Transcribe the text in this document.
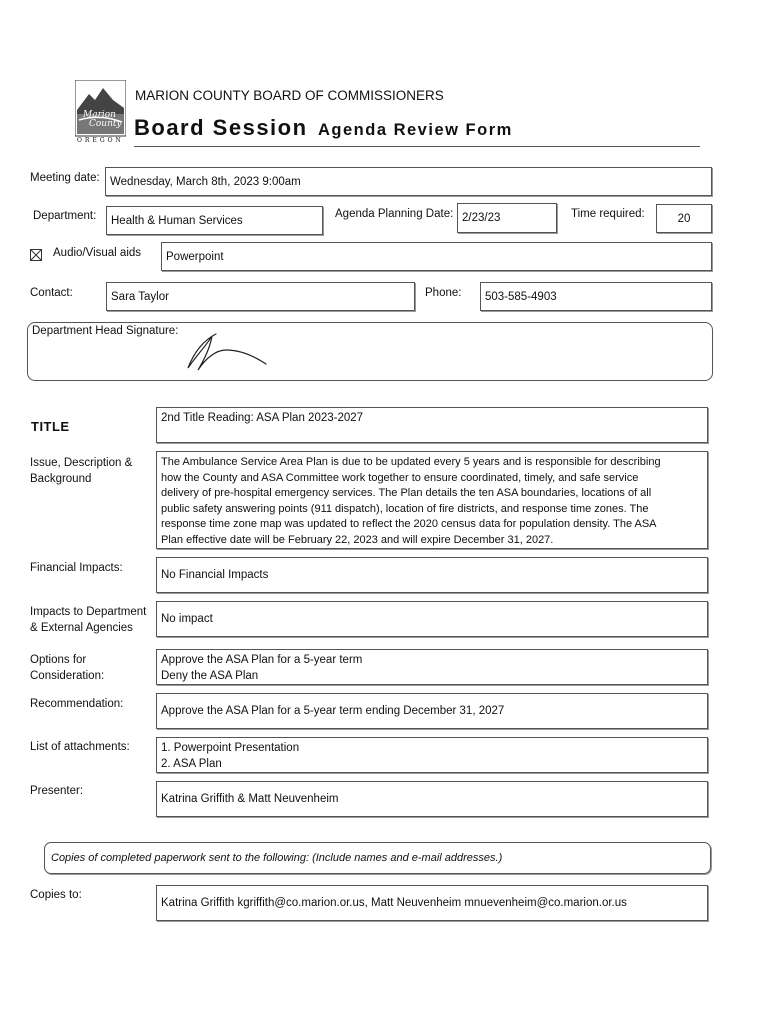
Marion
County
OREGON
MARION COUNTY BOARD OF COMMISSIONERS
Board Session Agenda Review Form
Meeting date: Wednesday, March 8th, 2023 9:00am
Department:	Health & Human Services
Agenda Planning Date: 2/23/23	Time required:	20
Audio/Visual aids	Powerpoint
Contact:	Sara Taylor	Phone:	503-585-4903
Department Head Signature:
TITLE
2nd Title Reading: ASA Plan 2023-2027
Issue, Description &
Background
The Ambulance Service Area Plan is due to be updated every 5 years and is responsible for describing
how the County and ASA Committee work together to ensure coordinated, timely, and safe service
delivery of pre-hospital emergency services. The Plan details the ten ASA boundaries, locations of all
public safety answering points (911 dispatch), location of fire districts, and response time zones. The
response time zone map was updated to reflect the 2020 census data for population density. The ASA
Plan effective date will be February 22, 2023 and will expire December 31, 2027.
Financial Impacts:
No Financial Impacts
Impacts to Department
& External Agencies
No impact
Options for
Consideration:
Approve the ASA Plan for a 5-year term
Deny the ASA Plan
Recommendation:
Approve the ASA Plan for a 5-year term ending December 31, 2027
List of attachments:	1. Powerpoint Presentation
2. ASA Plan
Presenter:
Katrina Griffith & Matt Neuvenheim
Copies of completed paperwork sent to the following: (Include names and e-mail addresses.)
Copies to:
Katrina Griffith kgriffith@co.marion.or.us, Matt Neuvenheim mnuevenheim@co.marion.or.us
